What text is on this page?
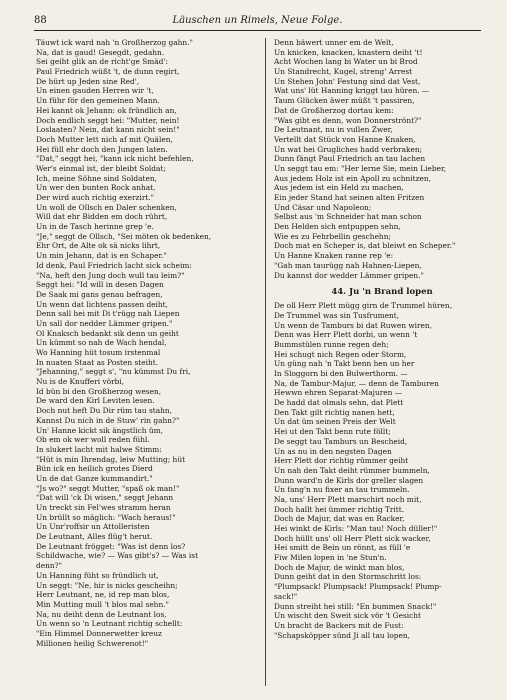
88	Läuschen un Rimels, Neue Folge.
Täuwt ick ward nah 'n Großherzog gahn."
Na, dat is gaud! Gesegdt, gedahn.
Sei geiht glik an de richt'ge Smäd':
Paul Friedrich wüßt 't, de dunn regirt,
De hürt up Jeden sine Red',
Un einen gauden Herren wir 't,
Un führ för den gemeinen Mann.
Hei kannt ok Jehann: ok fründlich an,
Doch endlich seggt hei: "Mutter, nein!
Loslaaten? Nein, dat kann nicht sein!"
Doch Mutter lett nich af mit Quälen,
Hei füll ehr doch den Jungen laten.
"Dat," seggt hei, "kann ick nicht befehlen,
Wer's einmal ist, der bleibt Soldat;
Ich, meine Söhne sind Soldaten,
Un wer den bunten Rock anhat,
Der wird auch richtig exerzirt."
Un woll de Ollsch en Daler schenken,
Will dat ehr Bidden em doch rührt,
Un in de Tasch herinne grep 'e.
"Je," seggt de Ollsch, "Sei möten ok bedenken,
Ehr Ort, de Alte ok sä nicks lihrt,
Un min Jehann, dat is en Schaper."
Id denk, Paul Friedrich lacht sick scheim:
"Na, heft den Jung doch wull tau leim?"
Seggt hei: "Id will in desen Dagen
De Saak mi gans genau befragen,
Un wenn dat lichtens passen deiht,
Denn sall hei mit Di t'rügg nah Liepen
Un sall dor nedder Lämmer gripen."
Ol Knaksch bedankt sik denn un geiht
Un kümmt so nah de Wach hendal,
Wo Hanning hüt tosum irstenmal
In nuaten Staat as Posten steiht.
"Jehanning," seggt s', "nu kümmst Du fri,
Nu is de Knufferi vörbi,
Id bün bi den Großherzog wesen,
De ward den Kirl Leviten lesen.
Doch nut heft Du Dir rüm tau stahn,
Kannst Du nich in de Stuw' rin gahn?"
Un' Hanne kickt sik ängstlich üm,
Ob em ok wer woll reden fühl.
In slukert lacht mit halwe Stimm:
"Hüt is min Ihrendag, leiw Mutting; hüt
Bün ick en heilich grotes Dierd
Un de dat Ganze kummandirt."
"Js wo?" seggt Mutter, "spaß ok man!"
"Dat will 'ck Di wisen," seggt Jehann
Un treckt sin Fel'wes stramm heran
Un brüllt so mäglich: "Wach heraus!"
Un Unr'roffsir un Attolleristen
De Leutnant, Alles flüg't herut.
De Leutnant frögget: "Was ist denn los?
Schildwache, wie? — Was gibt's? — Was ist
denn?"
Un Hanning füht so fründlich ut,
Un seggt: "Ne, hir is nicks gescheihn;
Herr Leutnant, ne, id rep man blos,
Min Mutting mull 't blos mal sehn."
Na, nu deiht denn de Leutnant los,
Un wenn so 'n Leutnant richtig schellt:
"Ein Himmel Donnerwetter kreuz
Millionen heilig Schwerenot!"
Denn bäwert unner em de Welt,
Un knicken, knacken, knastern deiht 't!
Acht Wochen lang bi Water un bi Brod
Un Standrecht, Kugel, streng' Arrest
Un Stehen John' Festung sind dat Vest,
Wat uns' lüt Hanning kriggt tau hüren. —
Taum Glücken äwer müßt 't passiren,
Dat de Großherzog dortau kem:
"Was gibt es denn, won Donnerströnt?"
De Leutnant, nu in vullen Zwer,
Vertellt dat Stück von Hanne Knaken,
Un wat hei Grugliches hadd verbraken;
Dunn fängt Paul Friedrich an tau lachen
Un seggt tau em: "Her lerne Sie, mein Lieber,
Aus jedem Holz ist ein Apoll zu schnitzen,
Aus jedem ist ein Held zu machen,
Ein jeder Stand hat seinen alten Fritzen
Und Cäsar und Napoleon;
Selbst aus 'm Schneider hat man schon
Den Helden sich entpuppen sehn,
Wie es zu Fehrbellin geschehn;
Doch mat en Scheper is, dat bleiwt en Scheper."
Un Hanne Knaken ranne rep 'e:
"Gah man taurügg nah Hahnen-Liepen,
Du kannst dor wedder Lämmer gripen."
44. Ju 'n Brand lopen
De oll Herr Plett mügg girn de Trummel hüren,
De Trummel was sin Tusfrument,
Un wenn de Tamburs bi dat Ruwen wiren,
Denn was Herr Plett dorbi, un wenn 't
Bummstülen runne regen deh;
Hei schugt nich Regen oder Storm,
Un güng nah 'n Takt benn hen un her
In Sloggorn bi den Bulwerthorm. —
Na, de Tambur-Majur, — denn de Tamburen
Hewwn ehren Separat-Majuren —
De hadd dat olmals sehn, dat Plett
Den Takt gilt richtig nanen hett,
Un dat üm seinen Preis der Welt
Hei ut den Takt benn rute föllt;
De seggt tau Tamburs un Bescheid,
Un as nu in den negsten Dagen
Herr Plett dor richtig rümmer geiht
Un nah den Takt deiht rümmer bummeln,
Dunn ward'n de Kirls dor greller slagen
Un fang'n nu fixer an tau trummeln.
Na, uns' Herr Plett marschirt noch mit,
Doch hallt hei ümmer richtig Tritt.
Doch de Majur, dat was en Racker,
Hei winkt de Kirls: "Man tau! Noch düller!"
Doch hüllt uns' oll Herr Plett sick wacker,
Hei smitt de Bein un rönnt, as füll 'e
Fiw Milen lopen in 'ne Stun'n.
Doch de Majur, de winkt man blos,
Dunn geiht dat in den Stormschritt los:
"Plumpsack! Plumpsack! Plumpsack! Plump-
sack!"
Dunn streiht hei still: "En bummen Snack!"
Un wischt den Sweit sick vör 't Gesicht
Un bracht de Backers mit de Fust:
"Schapsköpper sünd Ji all tau lopen,
